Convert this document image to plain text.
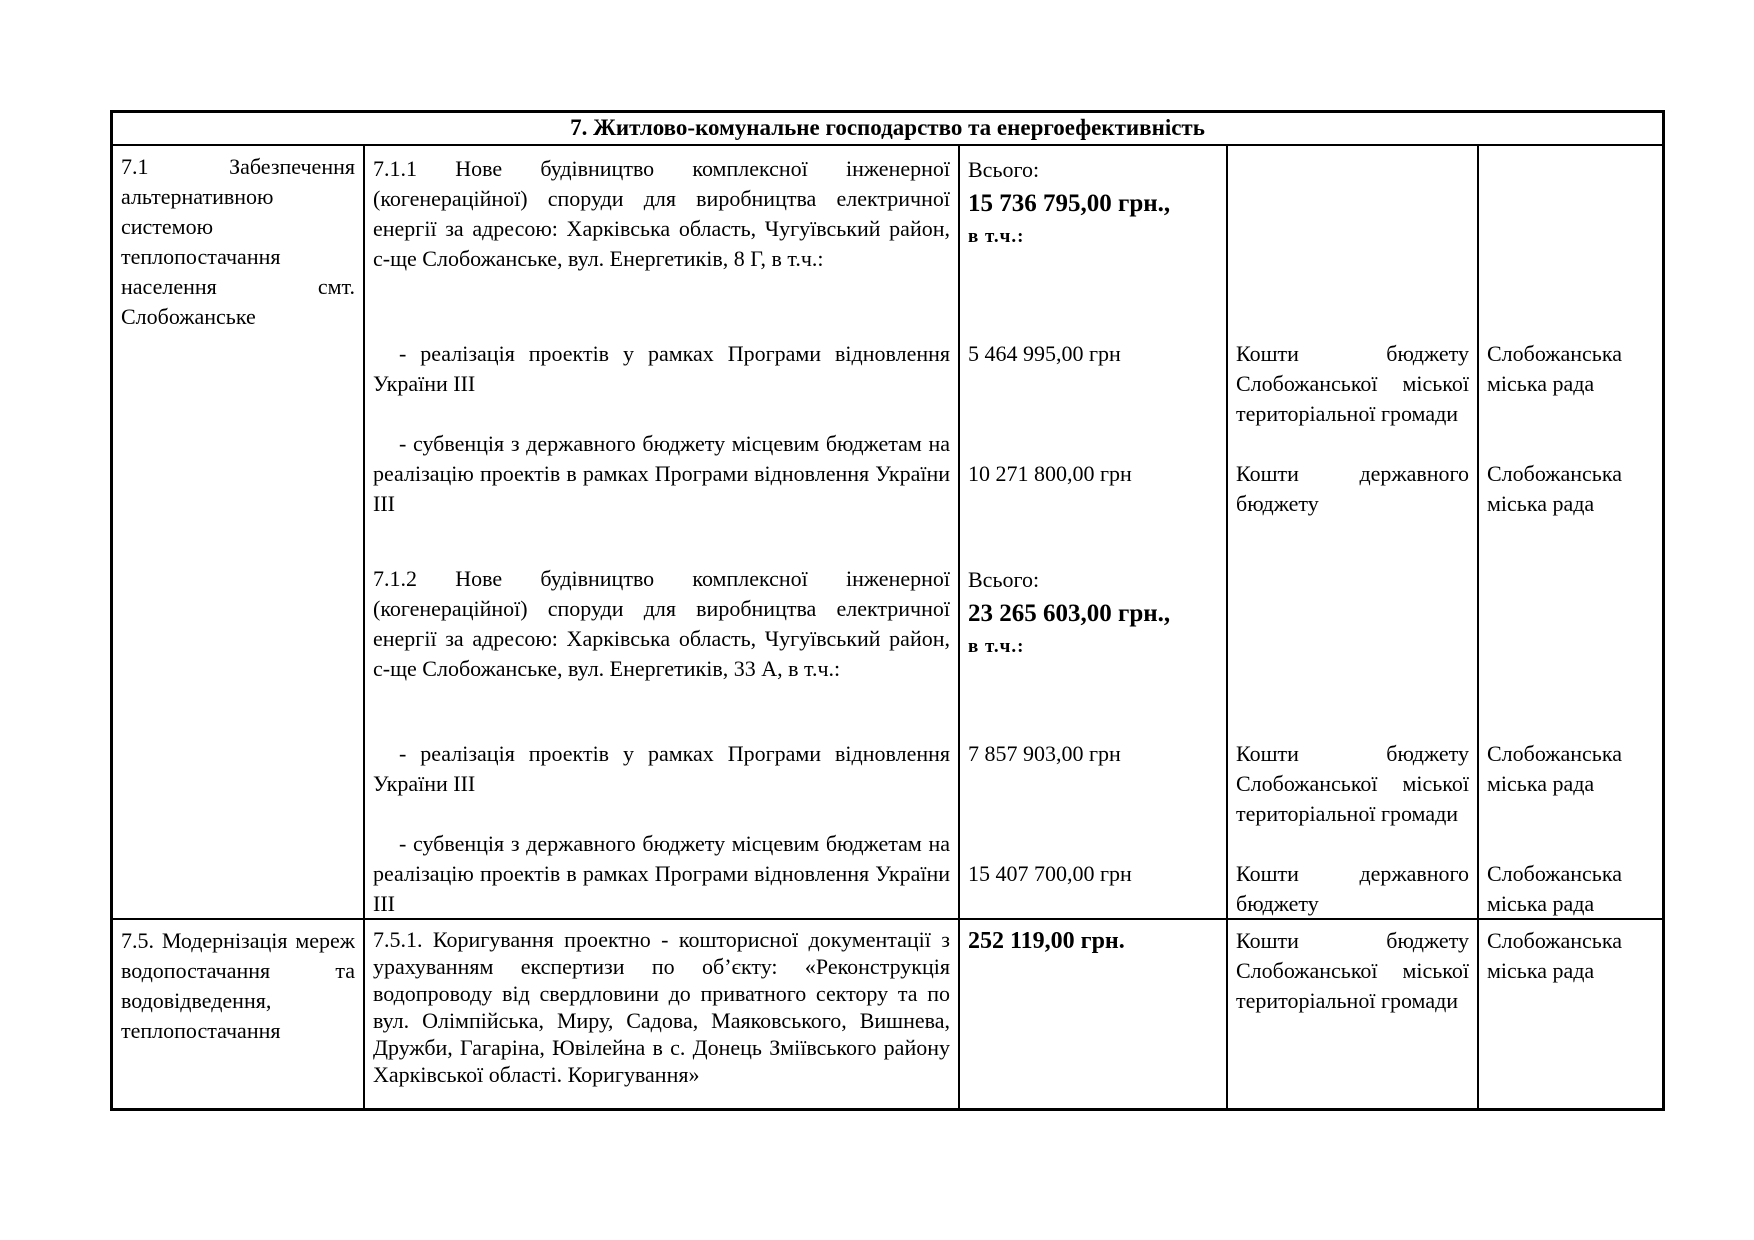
7. Житлово-комунальне господарство та енергоефективність
7.1 Забезпечення альтернативною системою теплопостачання населення смт. Слобожанське
7.1.1 Нове будівництво комплексної інженерної (когенераційної) споруди для виробництва електричної енергії за адресою: Харківська область, Чугуївський район, с-ще Слобожанське, вул. Енергетиків, 8 Г, в т.ч.:
- реалізація проектів у рамках Програми відновлення України ІІІ
- субвенція з державного бюджету місцевим бюджетам на реалізацію проектів в рамках Програми відновлення України ІІІ
7.1.2 Нове будівництво комплексної інженерної (когенераційної) споруди для виробництва електричної енергії за адресою: Харківська область, Чугуївський район, с-ще Слобожанське, вул. Енергетиків, 33 А, в т.ч.:
- реалізація проектів у рамках Програми відновлення України ІІІ
- субвенція з державного бюджету місцевим бюджетам на реалізацію проектів в рамках Програми відновлення України ІІІ
Всього:
15 736 795,00 грн.,
в т.ч.:
5 464 995,00 грн
10 271 800,00 грн
Всього:
23 265 603,00 грн.,
в т.ч.:
7 857 903,00 грн
15 407 700,00 грн
Кошти бюджету Слобожанської міської територіальної громади
Кошти державного бюджету
Кошти бюджету Слобожанської міської територіальної громади
Кошти державного бюджету
Слобожанська міська рада
Слобожанська міська рада
Слобожанська міська рада
Слобожанська міська рада
7.5. Модернізація мереж водопостачання та водовідведення, теплопостачання
7.5.1. Коригування проектно - кошторисної документації з урахуванням експертизи по об’єкту: «Реконструкція водопроводу від свердловини до приватного сектору та по вул. Олімпійська, Миру, Садова, Маяковського, Вишнева, Дружби, Гагаріна, Ювілейна в с. Донець Зміївського району Харківської області. Коригування»
252 119,00 грн.	Кошти бюджету Слобожанської міської територіальної громади
Слобожанська міська рада
